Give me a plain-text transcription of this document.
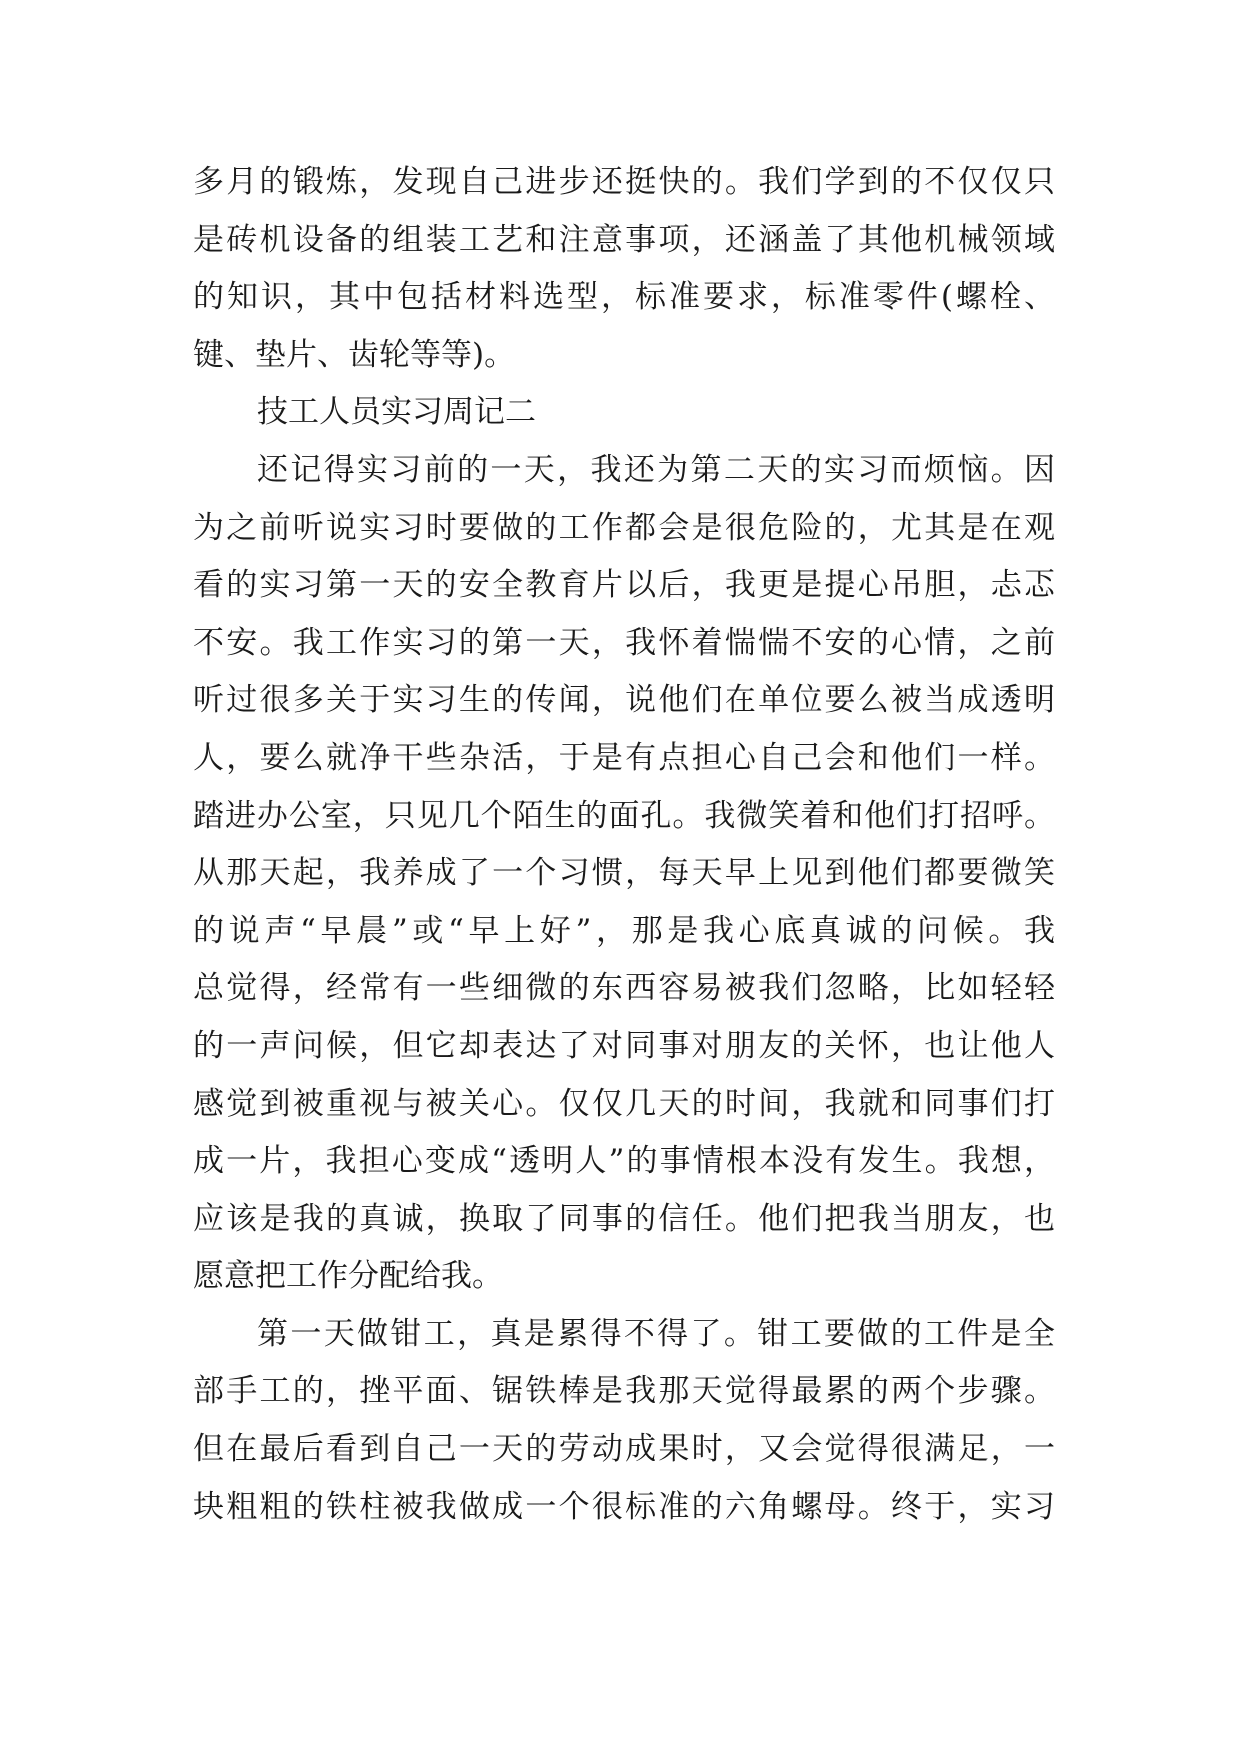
多月的锻炼，发现自己进步还挺快的。我们学到的不仅仅只
是砖机设备的组装工艺和注意事项，还涵盖了其他机械领域
的知识，其中包括材料选型，标准要求，标准零件(螺栓、
键、垫片、齿轮等等)。
技工人员实习周记二
还记得实习前的一天，我还为第二天的实习而烦恼。因
为之前听说实习时要做的工作都会是很危险的，尤其是在观
看的实习第一天的安全教育片以后，我更是提心吊胆，忐忑
不安。我工作实习的第一天，我怀着惴惴不安的心情，之前
听过很多关于实习生的传闻，说他们在单位要么被当成透明
人，要么就净干些杂活，于是有点担心自己会和他们一样。
踏进办公室，只见几个陌生的面孔。我微笑着和他们打招呼。
从那天起，我养成了一个习惯，每天早上见到他们都要微笑
的说声“早晨”或“早上好”，那是我心底真诚的问候。我
总觉得，经常有一些细微的东西容易被我们忽略，比如轻轻
的一声问候，但它却表达了对同事对朋友的关怀，也让他人
感觉到被重视与被关心。仅仅几天的时间，我就和同事们打
成一片，我担心变成“透明人”的事情根本没有发生。我想，
应该是我的真诚，换取了同事的信任。他们把我当朋友，也
愿意把工作分配给我。
第一天做钳工，真是累得不得了。钳工要做的工件是全
部手工的，挫平面、锯铁棒是我那天觉得最累的两个步骤。
但在最后看到自己一天的劳动成果时，又会觉得很满足，一
块粗粗的铁柱被我做成一个很标准的六角螺母。终于，实习
